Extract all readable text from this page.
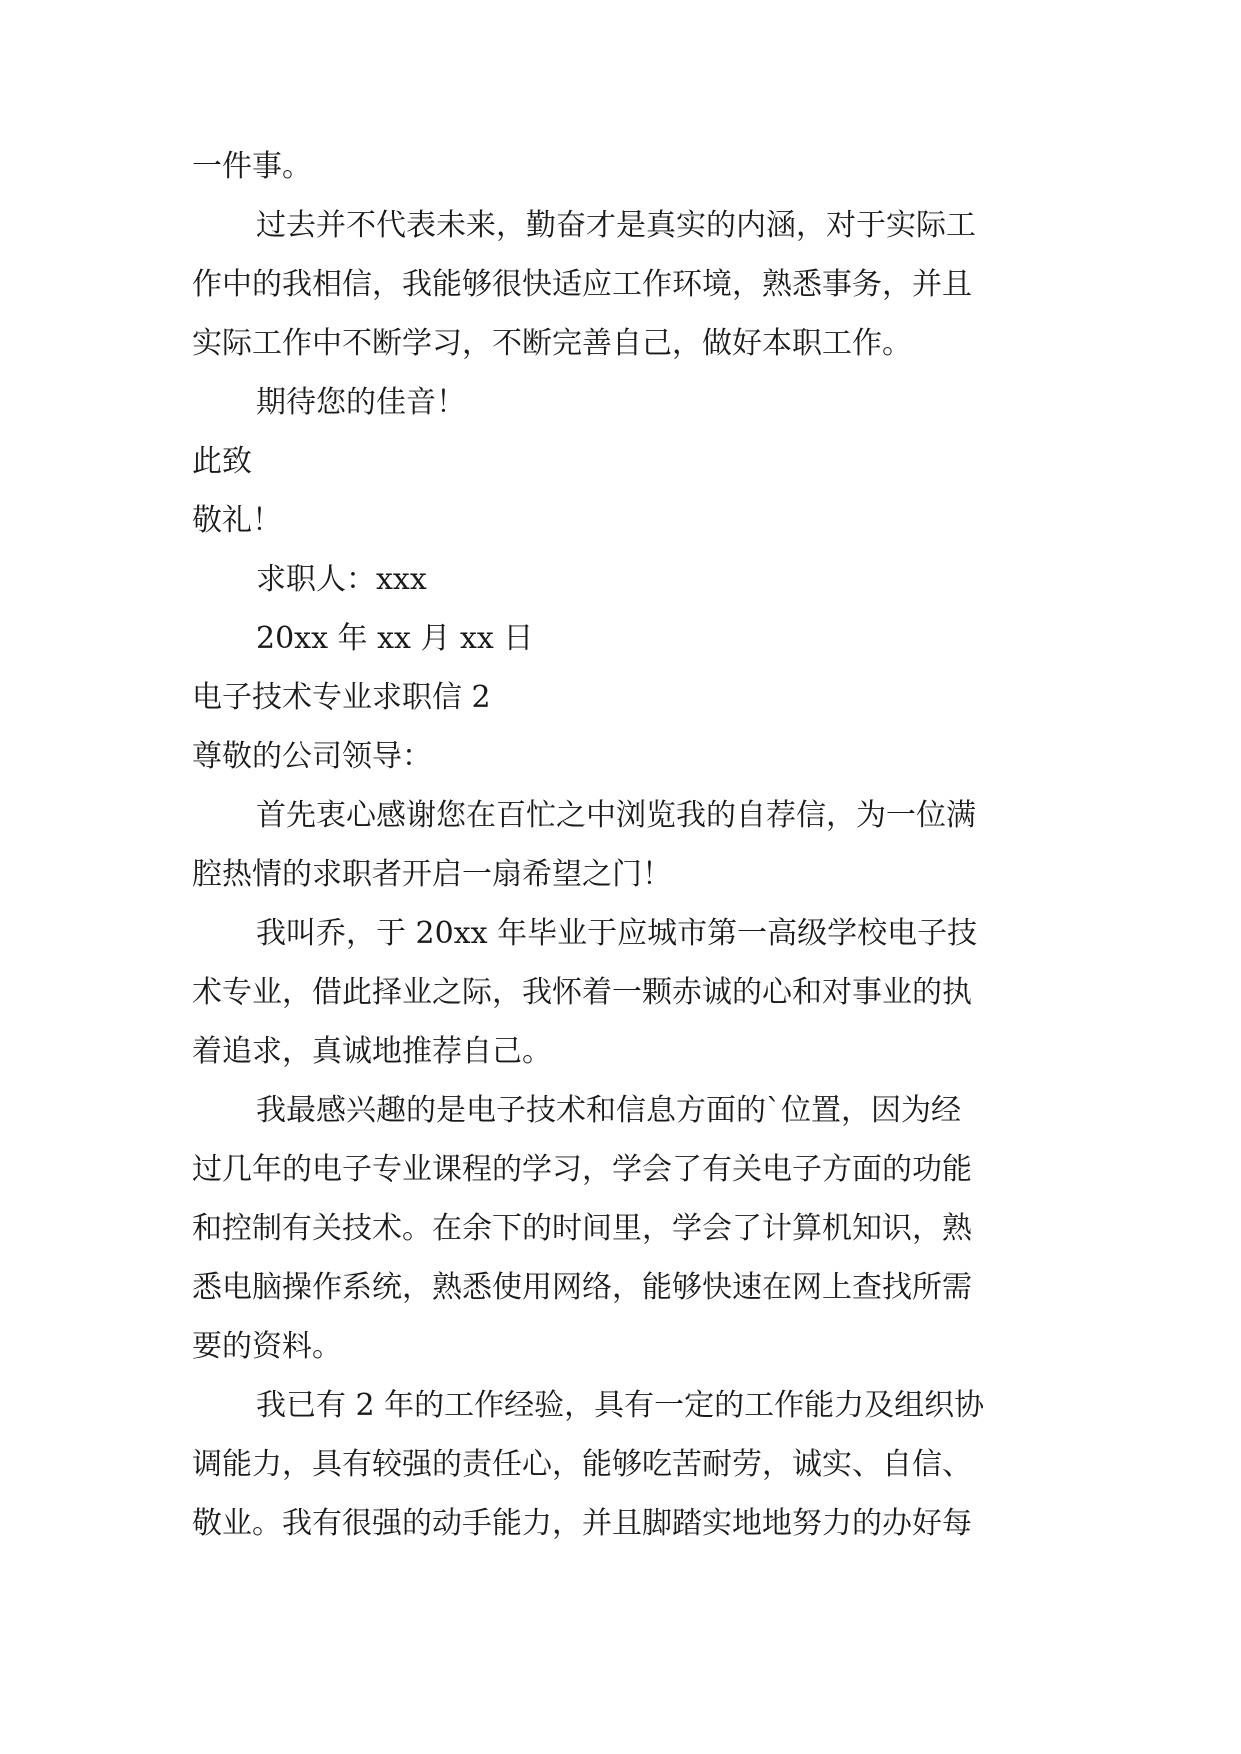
一件事。
过去并不代表未来，勤奋才是真实的内涵，对于实际工
作中的我相信，我能够很快适应工作环境，熟悉事务，并且
实际工作中不断学习，不断完善自己，做好本职工作。
期待您的佳音！
此致
敬礼！
求职人：xxx
20xx 年 xx 月 xx 日
电子技术专业求职信 2
尊敬的公司领导：
首先衷心感谢您在百忙之中浏览我的自荐信，为一位满
腔热情的求职者开启一扇希望之门！
我叫乔，于 20xx 年毕业于应城市第一高级学校电子技
术专业，借此择业之际，我怀着一颗赤诚的心和对事业的执
着追求，真诚地推荐自己。
我最感兴趣的是电子技术和信息方面的`位置，因为经
过几年的电子专业课程的学习，学会了有关电子方面的功能
和控制有关技术。在余下的时间里，学会了计算机知识，熟
悉电脑操作系统，熟悉使用网络，能够快速在网上查找所需
要的资料。
我已有 2 年的工作经验，具有一定的工作能力及组织协
调能力，具有较强的责任心，能够吃苦耐劳，诚实、自信、
敬业。我有很强的动手能力，并且脚踏实地地努力的办好每
